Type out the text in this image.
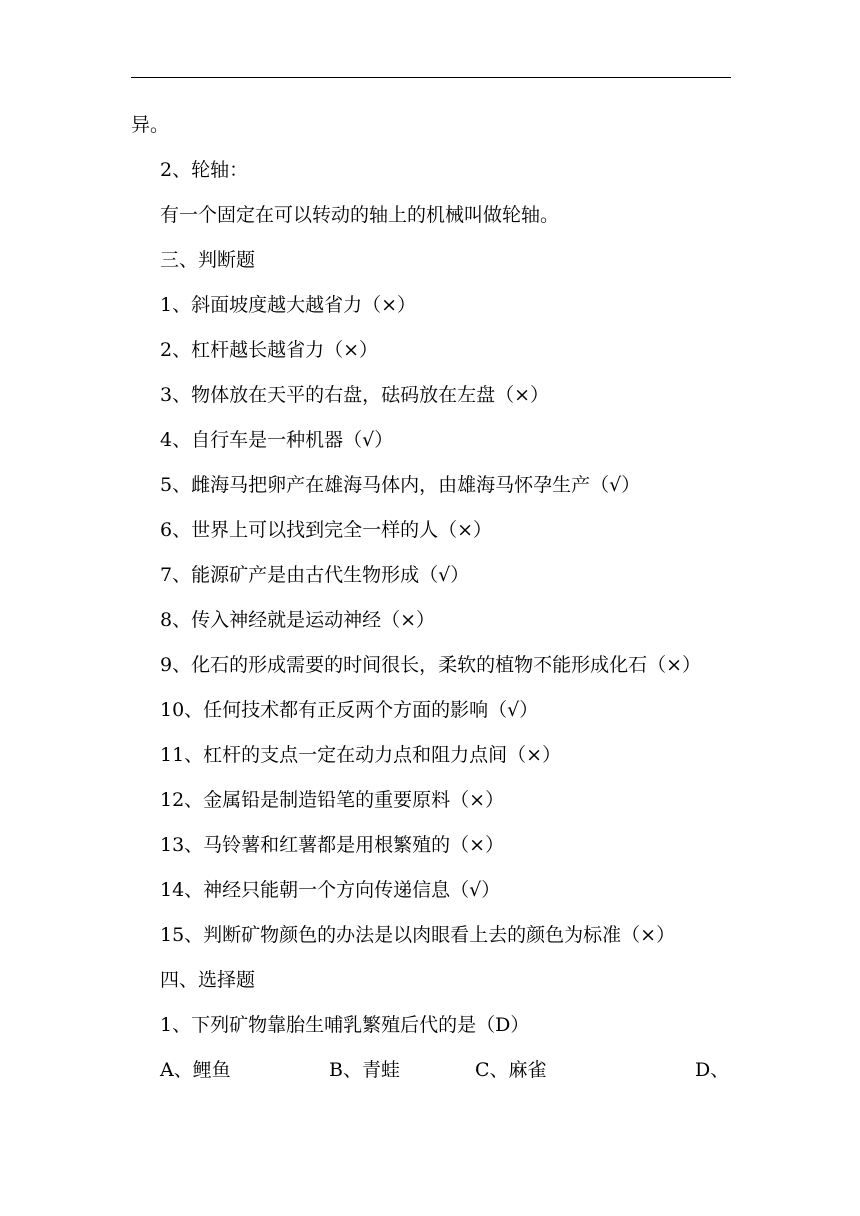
异。
2、轮轴：
有一个固定在可以转动的轴上的机械叫做轮轴。
三、判断题
1、斜面坡度越大越省力（×）
2、杠杆越长越省力（×）
3、物体放在天平的右盘，砝码放在左盘（×）
4、自行车是一种机器（√）
5、雌海马把卵产在雄海马体内，由雄海马怀孕生产（√）
6、世界上可以找到完全一样的人（×）
7、能源矿产是由古代生物形成（√）
8、传入神经就是运动神经（×）
9、化石的形成需要的时间很长，柔软的植物不能形成化石（×）
10、任何技术都有正反两个方面的影响（√）
11、杠杆的支点一定在动力点和阻力点间（×）
12、金属铅是制造铅笔的重要原料（×）
13、马铃薯和红薯都是用根繁殖的（×）
14、神经只能朝一个方向传递信息（√）
15、判断矿物颜色的办法是以肉眼看上去的颜色为标准（×）
四、选择题
1、下列矿物靠胎生哺乳繁殖后代的是（D）
A、鲤鱼	B、青蛙	C、麻雀	D、
